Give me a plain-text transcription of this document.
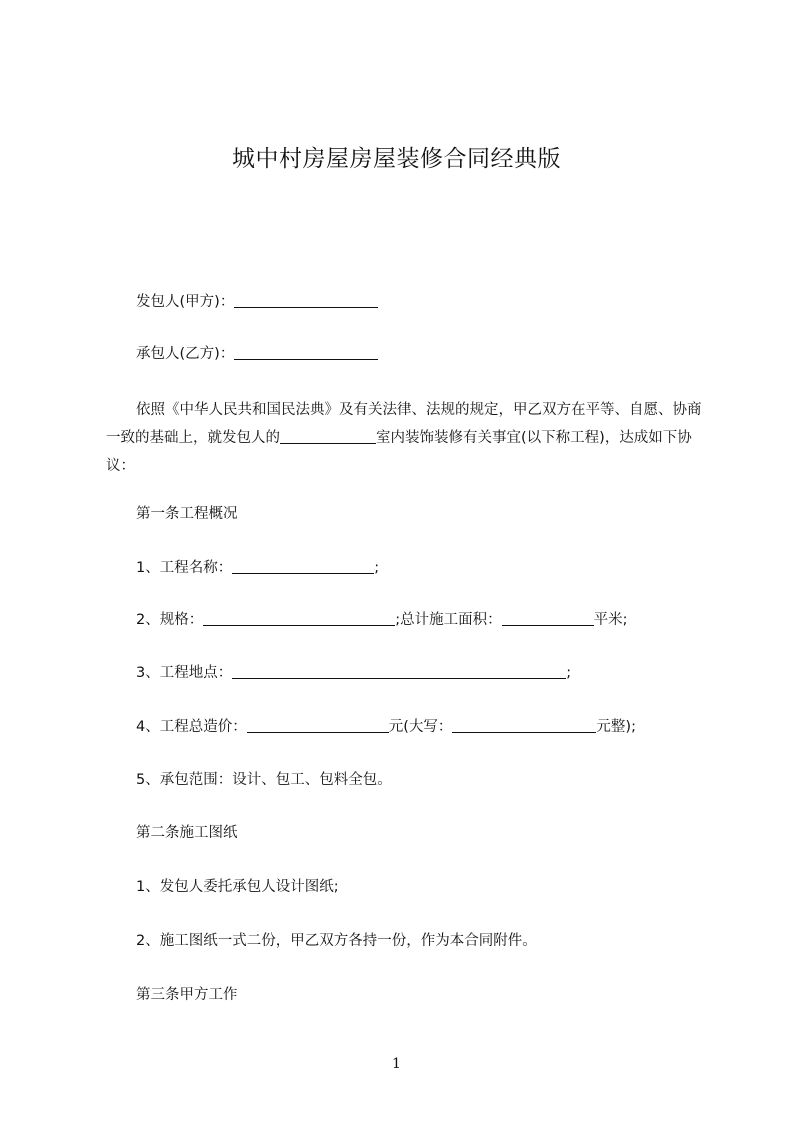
城中村房屋房屋装修合同经典版
发包人(甲方)：
承包人(乙方)：
依照《中华人民共和国民法典》及有关法律、法规的规定，甲乙双方在平等、自愿、协商一致的基础上，就发包人的	室内装饰装修有关事宜(以下称工程)，达成如下协议：
第一条工程概况
1、工程名称：	;
2、规格：	;总计施工面积：	平米;
3、工程地点：	;
4、工程总造价：	元(大写：	元整);
5、承包范围：设计、包工、包料全包。
第二条施工图纸
1、发包人委托承包人设计图纸;
2、施工图纸一式二份，甲乙双方各持一份，作为本合同附件。
第三条甲方工作
1
